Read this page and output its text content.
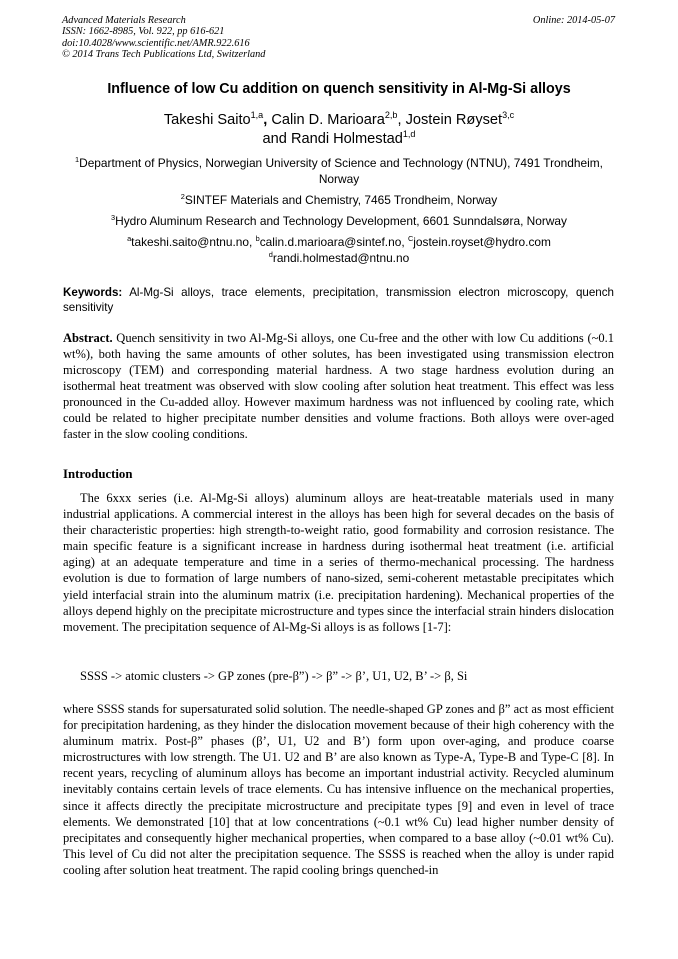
Advanced Materials Research
ISSN: 1662-8985, Vol. 922, pp 616-621
doi:10.4028/www.scientific.net/AMR.922.616
© 2014 Trans Tech Publications Ltd, Switzerland
Online: 2014-05-07
Influence of low Cu addition on quench sensitivity in Al-Mg-Si alloys
Takeshi Saito$^{1,a}$, Calin D. Marioara$^{2,b}$, Jostein Røyset$^{3,c}$
and Randi Holmestad$^{1,d}$
$^1$Department of Physics, Norwegian University of Science and Technology (NTNU), 7491 Trondheim, Norway
$^2$SINTEF Materials and Chemistry, 7465 Trondheim, Norway
$^3$Hydro Aluminum Research and Technology Development, 6601 Sunndalsøra, Norway
$^a$takeshi.saito@ntnu.no, $^b$calin.d.marioara@sintef.no, $^C$jostein.royset@hydro.com
$^d$randi.holmestad@ntnu.no
Keywords: Al-Mg-Si alloys, trace elements, precipitation, transmission electron microscopy, quench sensitivity
Abstract. Quench sensitivity in two Al-Mg-Si alloys, one Cu-free and the other with low Cu additions (~0.1 wt%), both having the same amounts of other solutes, has been investigated using transmission electron microscopy (TEM) and corresponding material hardness. A two stage hardness evolution during an isothermal heat treatment was observed with slow cooling after solution heat treatment. This effect was less pronounced in the Cu-added alloy. However maximum hardness was not influenced by cooling rate, which could be related to higher precipitate number densities and volume fractions. Both alloys were over-aged faster in the slow cooling conditions.
Introduction
The 6xxx series (i.e. Al-Mg-Si alloys) aluminum alloys are heat-treatable materials used in many industrial applications. A commercial interest in the alloys has been high for several decades on the basis of their characteristic properties: high strength-to-weight ratio, good formability and corrosion resistance. The main specific feature is a significant increase in hardness during isothermal heat treatment (i.e. artificial aging) at an adequate temperature and time in a series of thermo-mechanical processing. The hardness evolution is due to formation of large numbers of nano-sized, semi-coherent metastable precipitates which yield interfacial strain into the aluminum matrix (i.e. precipitation hardening). Mechanical properties of the alloys depend highly on the precipitate microstructure and types since the interfacial strain hinders dislocation movement. The precipitation sequence of Al-Mg-Si alloys is as follows [1-7]:
SSSS -> atomic clusters -> GP zones (pre-β”) -> β” -> β’, U1, U2, B’ -> β, Si
where SSSS stands for supersaturated solid solution. The needle-shaped GP zones and β” act as most efficient for precipitation hardening, as they hinder the dislocation movement because of their high coherency with the aluminum matrix. Post-β” phases (β’, U1, U2 and B’) form upon over-aging, and produce coarse microstructures with low strength. The U1. U2 and B’ are also known as Type-A, Type-B and Type-C [8]. In recent years, recycling of aluminum alloys has become an important industrial activity. Recycled aluminum inevitably contains certain levels of trace elements. Cu has intensive influence on the mechanical properties, since it affects directly the precipitate microstructure and precipitate types [9] and even in level of trace elements. We demonstrated [10] that at low concentrations (~0.1 wt% Cu) lead higher number density of precipitates and consequently higher mechanical properties, when compared to a base alloy (~0.01 wt% Cu). This level of Cu did not alter the precipitation sequence. The SSSS is reached when the alloy is under rapid cooling after solution heat treatment. The rapid cooling brings quenched-in
